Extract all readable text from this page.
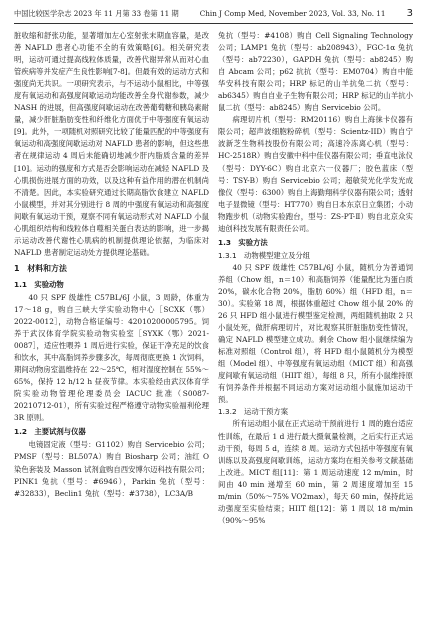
中国比较医学杂志 2023 年 11 月第 33 卷第 11 期	Chin J Comp Med, November 2023, Vol. 33, No. 11 3

脏收缩和舒张功能，显著增加左心室射张末期血容量，是改善 NAFLD 患者心功能不全的有效策略[6]。相关研究表明，运动可通过提高线粒体质量，改善代谢异常从而对心血管疾病等并发症产生良性影响[7-8]。但最有效的运动方式和强度尚无共识。一项研究表示，与不运动小鼠相比，中等强度有氧运动和高强度间歇运动均能改善全身代谢参数，减少 NASH 的进展，但高强度间歇运动在改善葡萄糖和胰岛素耐量，减少肝脏脂肪变性和纤维化方面优于中等强度有氧运动[9]。此外，一项随机对照研究比较了能量匹配的中等强度有氧运动和高强度间歇运动对 NAFLD 患者的影响，但这些患者在规律运动 4 周后未能确切地减少肝内脂质含量的差异[10]。运动的强度和方式是否会影响运动在减轻 NAFLD 及心肌损伤进展方面的功效，以及这种有益作用的潜在机制尚不清楚。因此，本实验研究通过长期高脂饮食建立 NAFLD 小鼠模型，并对其分别进行 8 周的中强度有氧运动和高强度间歇有氧运动干预，观察不同有氧运动形式对 NAFLD 小鼠心肌组织结构和线粒体自噬相关蛋白表达的影响，进一步揭示运动改善代谢性心肌病的机制提供理论依据，为临床对 NAFLD 患者制定运动处方提供理论基础。

1　材料和方法
1.1　实验动物

40 只 SPF 级雄性 C57BL/6J 小鼠，3 周龄，体重为 17～18 g，购自三峡大学实验动物中心［SCXK（鄂）2022-0012］，动物合格证编号：42010200005795。饲养于武汉体育学院实验动物实验室［SYXK（鄂）2021-0087］，适应性喂养 1 周后进行实验，保证干净充足的饮食和饮水，其中高脂饲养步骤多次，每周彻底更换 1 次饲料，期间动物房室温维持在 22～25℃，相对湿度控制在 55%～65%，保持 12 h/12 h 昼夜节律。本实验经由武汉体育学院实验动物管理伦理委员会 IACUC 批准（S0087-20210712-01），所有实验过程严格遵守动物实验福利伦理 3R 原则。

1.2　主要试剂与仪器

电镜固定液（型号：G1102）购自 Servicebio 公司；PMSF（型号：BL507A）购自 Biosharp 公司；油红 O 染色套装及 Masson 试剂盒购自西安博尔迈科技有限公司；PINK1 兔抗（型号：#6946），Parkin 兔抗（型号：#32833），Beclin1 兔抗（型号：#3738），LC3A/B

兔抗（型号：#4108）购自 Cell Signaling Technology 公司；LAMP1 兔抗（型号：ab208943），FGC-1α 兔抗（型号：ab72230），GAPDH 兔抗（型号：ab8245）购自 Abcam 公司；p62 抗抗（型号：EM0704）购自中能华安科技有限公司；HRP 标记的山羊抗兔二抗（型号：ab6345）购自自业子生物有限公司；HRP 标记的山羊抗小鼠二抗（型号：ab8245）购自 Servicebio 公司。

病理切片机（型号：RM20116）购自上海徕卡仪器有限公司；超声波细胞粉碎机（型号：Scientz-IID）购自宁波新芝生物科技股份有限公司；高速冷冻离心机（型号：HC-2518R）购自安徽中科中佳仪器有限公司；垂直电泳仪（型号：DYY-6C）购自北京六一仪器厂；胶色蓝床（型号：TSY-B）购自 Servicebio 公司；超敏荧光化学发光成像仪（型号：6300）购自上海勤翔科学仪器有限公司；透射电子显微镜（型号：HT770）购自日本东京日立集团；小动物跑步机（动物实验跑台，型号：ZS-PT-Ⅱ）购自北京众实迪创科技发展有限责任公司。

1.3　实验方法
1.3.1　动物模型建立及分组

40 只 SPF 级雄性 C57BL/6J 小鼠，随机分为普通饲养组（Chow 组，n＝10）和高脂饲养（能量配比为蛋白质 20%，碳水化合物 20%，脂肪 60%）组（HFD 组，n＝30）。实验第 18 周，根据体重超过 Chow 组小鼠 20% 的 26 只 HFD 组小鼠进行模型鉴定检测，两组随机抽取 2 只小鼠处死，做肝病理切片，对比观察其肝脏脂肪变性情况，确定 NAFLD 模型建立成功。剩余 Chow 组小鼠继续编为标准对照组（Control 组），将 HFD 组小鼠随机分为模型组（Model 组）、中等强度有氧运动组（MICT 组）和高强度间歇有氧运动组（HIIT 组），每组 8 只，所有小鼠维持原有饲养条件并根据不同运动方案对运动组小鼠施加运动干预。

1.3.2　运动干预方案

所有运动组小鼠在正式运动干预前进行 1 周的跑台适应性训练，在最后 1 d 进行最大摄氧量检测，之后实行正式运动干预，每周 5 d，连续 8 周。运动方式包括中等强度有氧训练以及高强度间歇训练，运动方案均在相关参考文献基础上改进。MICT 组[11]：第 1 周运动速度 12 m/min，时间由 40 min 递增至 60 min，第 2 周速度增加至 15 m/min（50%～75% VO2max），每天 60 min，保持此运动强度至实验结束；HIIT 组[12]：第 1 周以 18 m/min（90%～95%
